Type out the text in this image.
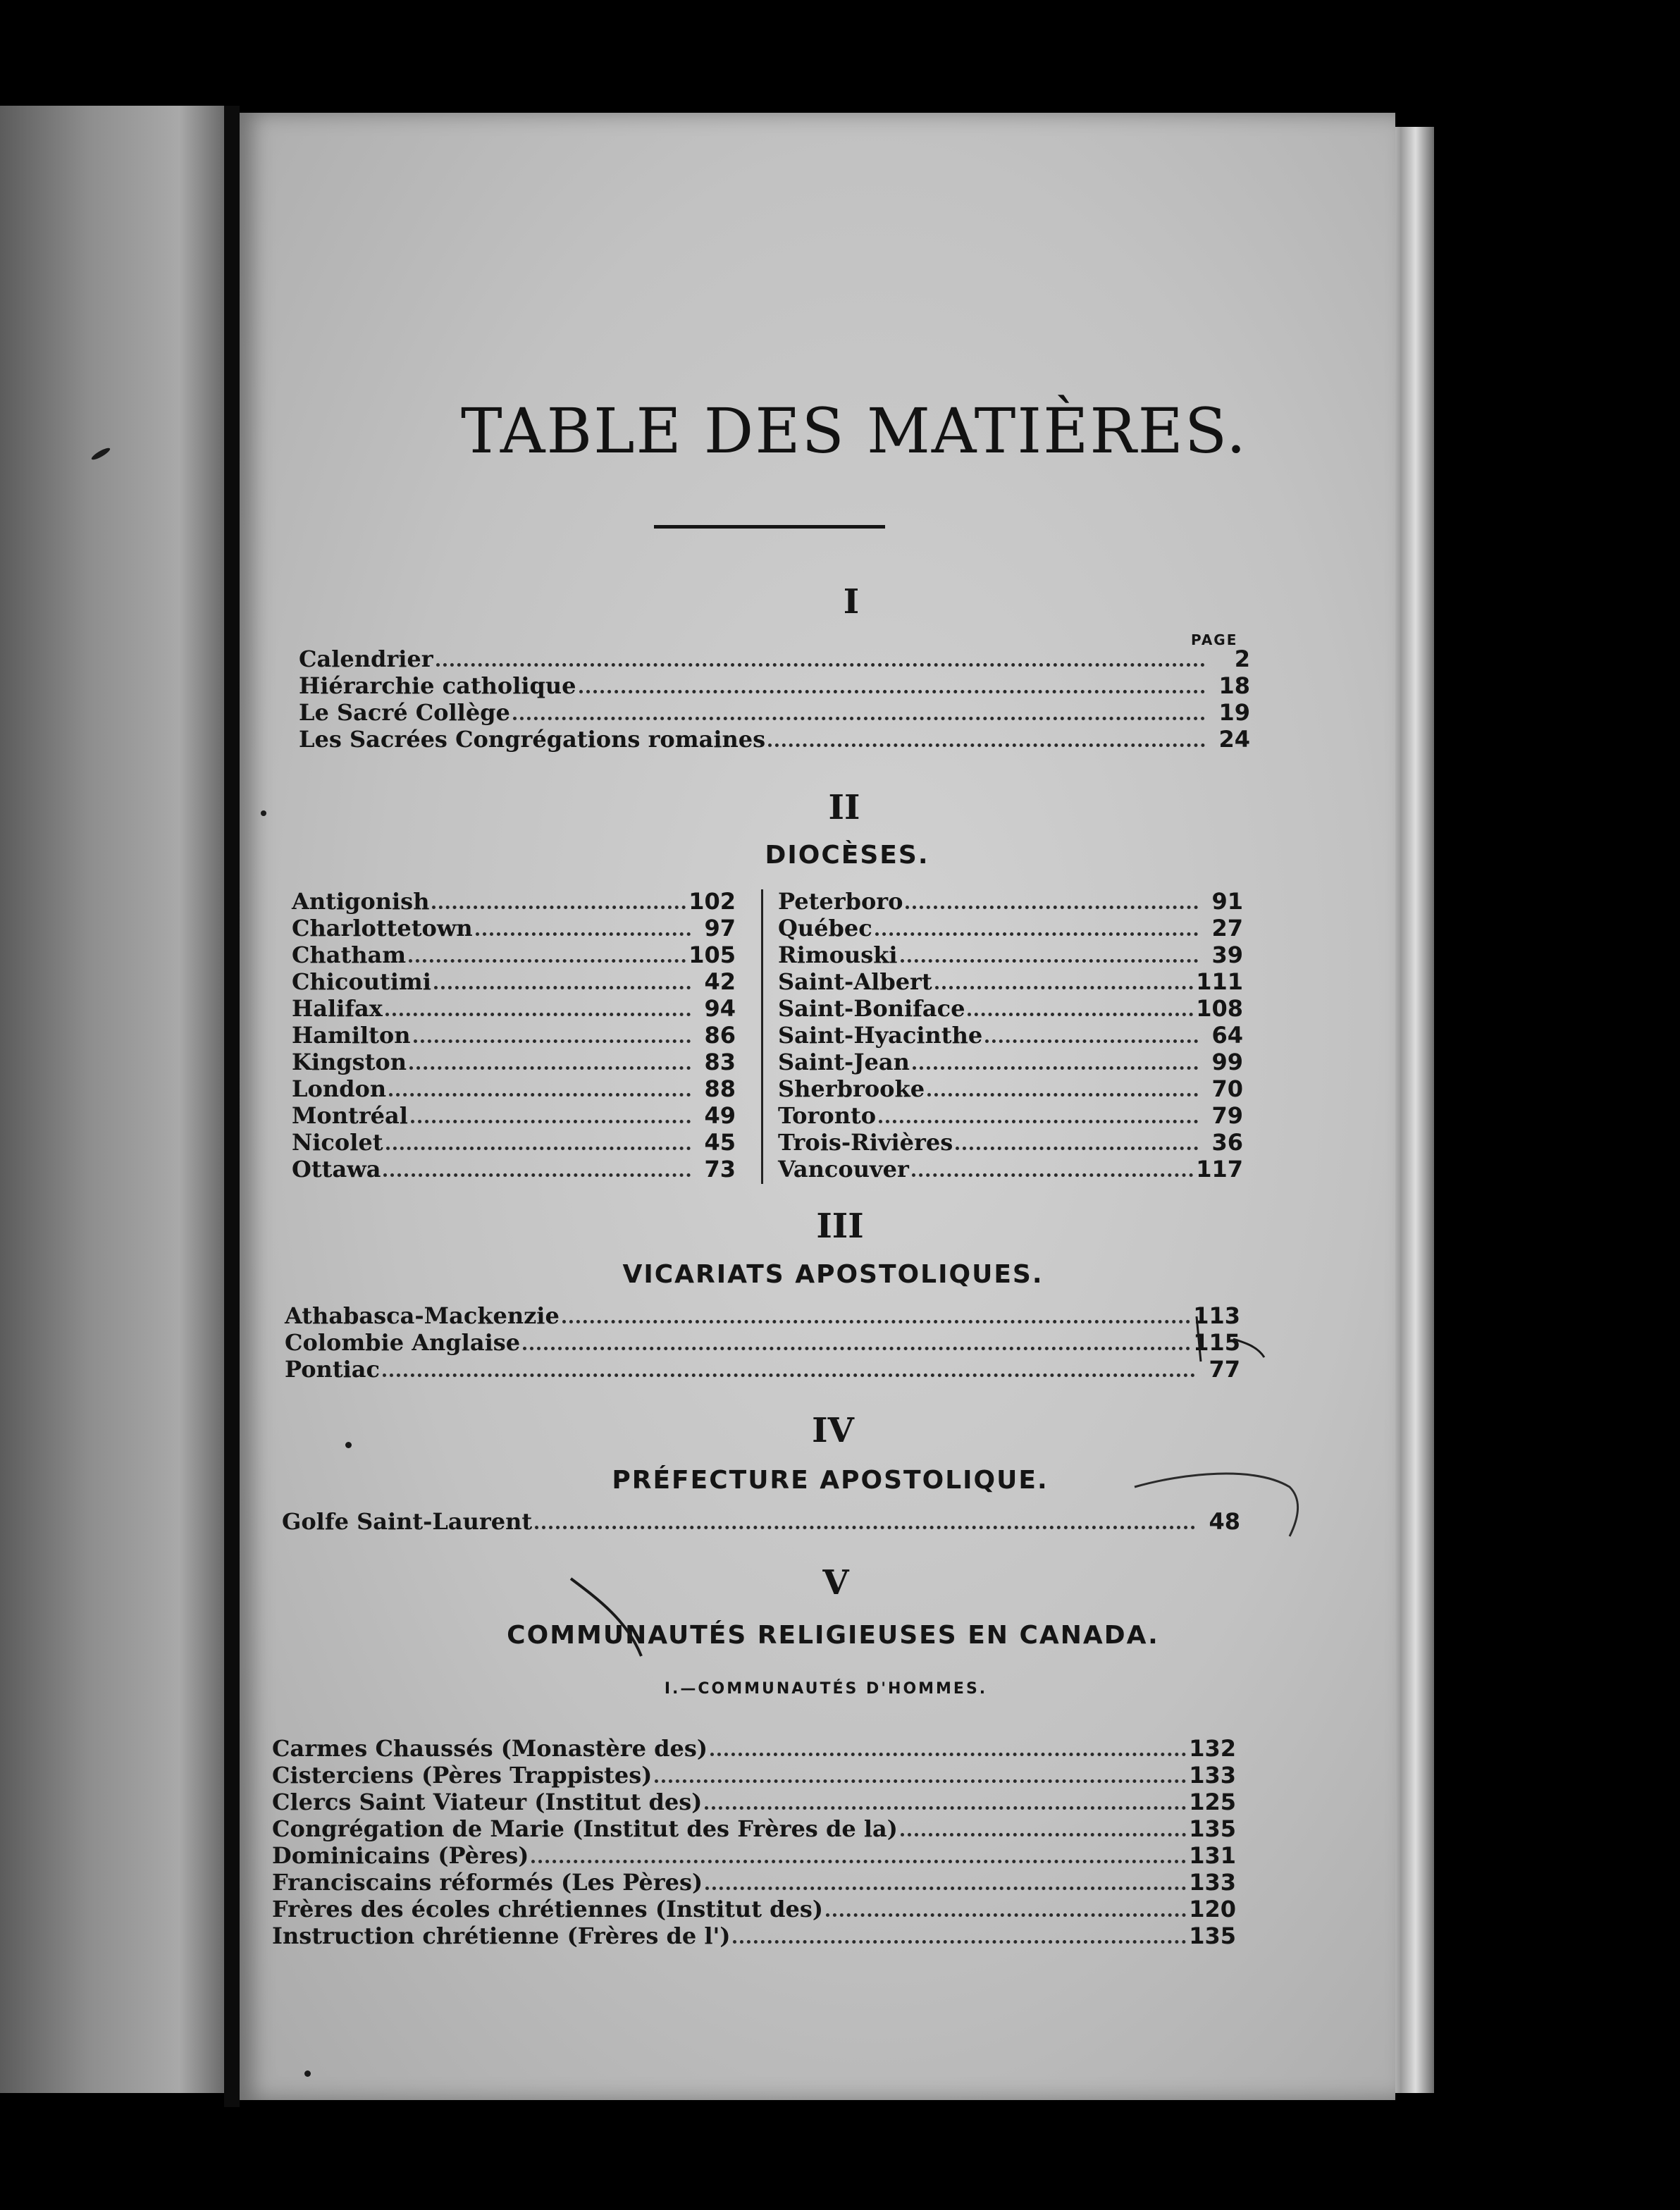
TABLE DES MATIÈRES.
I
PAGE
Calendrier	2
Hiérarchie catholique	18
Le Sacré Collège	19
Les Sacrées Congrégations romaines	24
II
DIOCÈSES.
Antigonish	102
Charlottetown	97
Chatham	105
Chicoutimi	42
Halifax	94
Hamilton	86
Kingston	83
London	88
Montréal	49
Nicolet	45
Ottawa	73
Peterboro	91
Québec	27
Rimouski	39
Saint-Albert	111
Saint-Boniface	108
Saint-Hyacinthe	64
Saint-Jean	99
Sherbrooke	70
Toronto	79
Trois-Rivières	36
Vancouver	117
III
VICARIATS APOSTOLIQUES.
Athabasca-Mackenzie	113
Colombie Anglaise	115
Pontiac	77
IV
PRÉFECTURE APOSTOLIQUE.
Golfe Saint-Laurent	48
V
COMMUNAUTÉS RELIGIEUSES EN CANADA.
I.—COMMUNAUTÉS D'HOMMES.
Carmes Chaussés (Monastère des)	132
Cisterciens (Pères Trappistes)	133
Clercs Saint Viateur (Institut des)	125
Congrégation de Marie (Institut des Frères de la)	135
Dominicains (Pères)	131
Franciscains réformés (Les Pères)	133
Frères des écoles chrétiennes (Institut des)	120
Instruction chrétienne (Frères de l')	135
